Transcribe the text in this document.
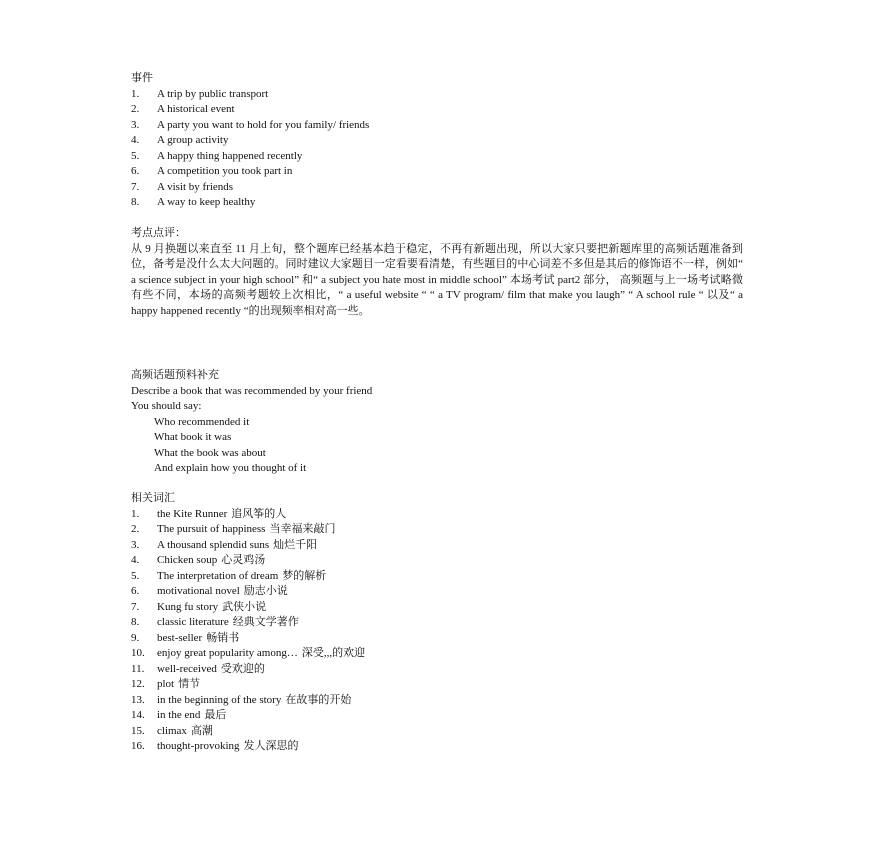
事件
1. A trip by public transport
2. A historical event
3. A party you want to hold for you family/ friends
4. A group activity
5. A happy thing happened recently
6. A competition you took part in
7. A visit by friends
8. A way to keep healthy
考点点评：
从 9 月换题以来直至 11 月上旬，整个题库已经基本趋于稳定，不再有新题出现，所以大家只要把新题库里的高频话题准备到位，备考是没什么太大问题的。同时建议大家题目一定看要看清楚，有些题目的中心词差不多但是其后的修饰语不一样，例如“ a science subject in your high school” 和“ a subject you hate most in middle school” 本场考试 part2 部分， 高频题与上一场考试略微有些不同，本场的高频考题较上次相比，“ a useful website “ “ a TV program/ film that make you laugh” “ A school rule “ 以及“ a happy happened recently “的出现频率相对高一些。
高频话题预料补充
Describe a book that was recommended by your friend
You should say:
Who recommended it
What book it was
What the book was about
And explain how you thought of it
相关词汇
1. the Kite Runner 追风筝的人
2. The pursuit of happiness 当幸福来敲门
3. A thousand splendid suns 灿烂千阳
4. Chicken soup 心灵鸡汤
5. The interpretation of dream 梦的解析
6. motivational novel 励志小说
7. Kung fu story 武侠小说
8. classic literature 经典文学著作
9. best-seller 畅销书
10. enjoy great popularity among… 深受,,,的欢迎
11. well-received 受欢迎的
12. plot 情节
13. in the beginning of the story 在故事的开始
14. in the end 最后
15. climax 高潮
16. thought-provoking 发人深思的
